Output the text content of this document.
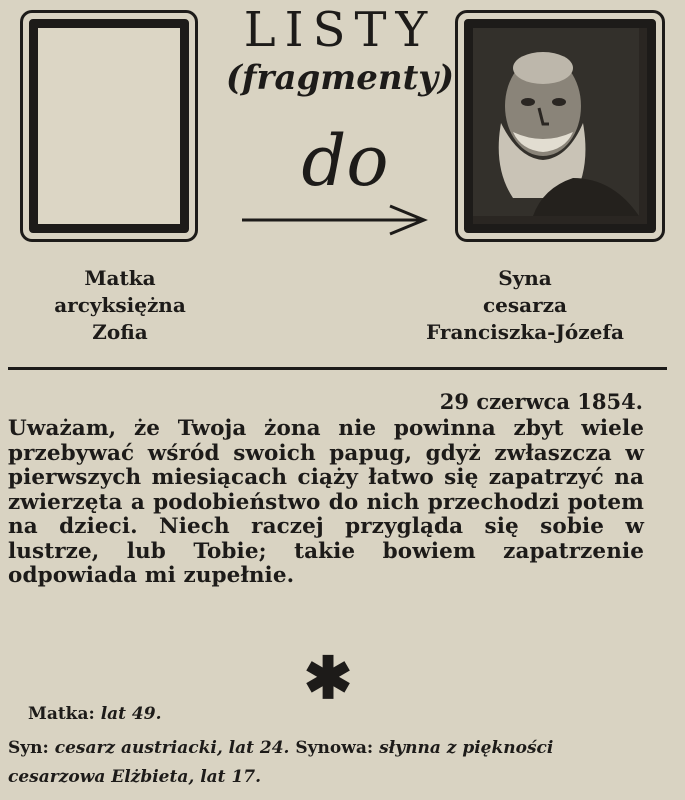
LISTY
(fragmenty)
do
Matka
arcyksiężna
Zofia
Syna
cesarza
Franciszka-Józefa
29 czerwca 1854.
Uważam, że Twoja żona nie powinna zbyt wiele przebywać wśród swoich papug, gdyż zwłaszcza w pierwszych miesiącach ciąży łatwo się zapatrzyć na zwierzęta a podobieństwo do nich przechodzi potem na dzieci. Niech raczej przygląda się sobie w lustrze, lub Tobie; takie bowiem zapatrzenie odpowiada mi zupełnie.
✱
Matka: lat 49.
Syn: cesarz austriacki, lat 24. Synowa: słynna z piękności cesarzowa Elżbieta, lat 17.
